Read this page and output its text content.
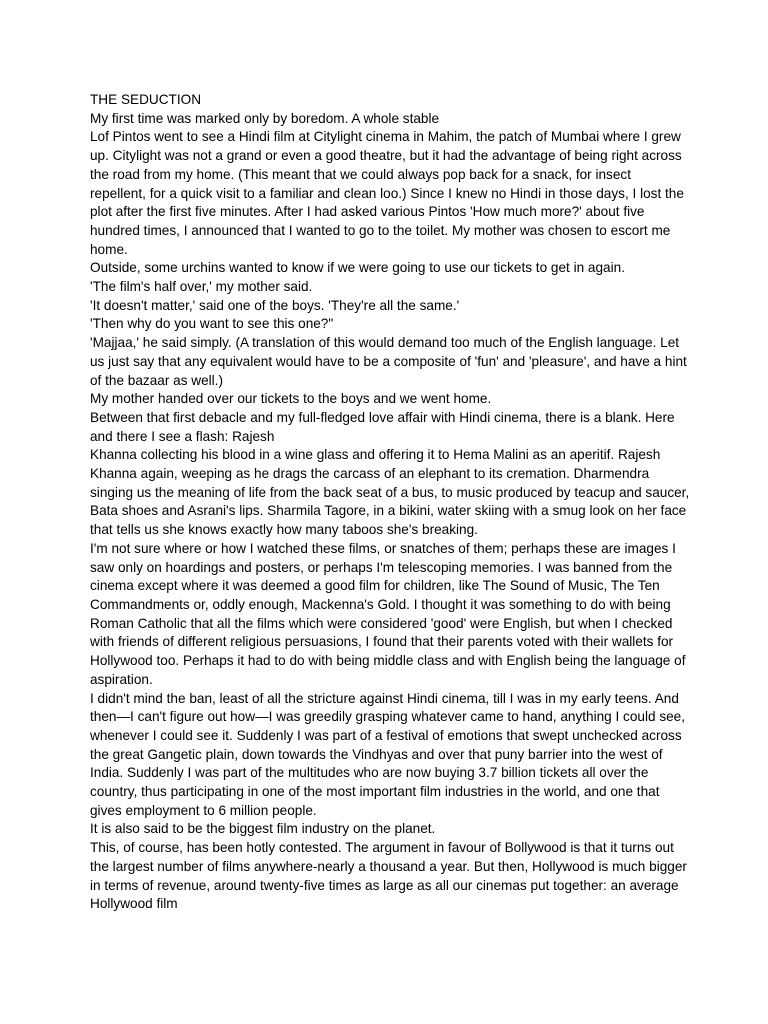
THE SEDUCTION

My first time was marked only by boredom. A whole stable

Lof Pintos went to see a Hindi film at Citylight cinema in Mahim, the patch of Mumbai where I grew up. Citylight was not a grand or even a good theatre, but it had the advantage of being right across the road from my home. (This meant that we could always pop back for a snack, for insect repellent, for a quick visit to a familiar and clean loo.) Since I knew no Hindi in those days, I lost the plot after the first five minutes. After I had asked various Pintos 'How much more?' about five hundred times, I announced that I wanted to go to the toilet. My mother was chosen to escort me home.

Outside, some urchins wanted to know if we were going to use our tickets to get in again.

'The film's half over,' my mother said.

'It doesn't matter,' said one of the boys. 'They're all the same.'

'Then why do you want to see this one?"

'Majjaa,' he said simply. (A translation of this would demand too much of the English language. Let us just say that any equivalent would have to be a composite of 'fun' and 'pleasure', and have a hint of the bazaar as well.)

My mother handed over our tickets to the boys and we went home.

Between that first debacle and my full-fledged love affair with Hindi cinema, there is a blank. Here and there I see a flash: Rajesh

Khanna collecting his blood in a wine glass and offering it to Hema Malini as an aperitif. Rajesh Khanna again, weeping as he drags the carcass of an elephant to its cremation. Dharmendra singing us the meaning of life from the back seat of a bus, to music produced by teacup and saucer, Bata shoes and Asrani's lips. Sharmila Tagore, in a bikini, water skiing with a smug look on her face that tells us she knows exactly how many taboos she's breaking.

I'm not sure where or how I watched these films, or snatches of them; perhaps these are images I saw only on hoardings and posters, or perhaps I'm telescoping memories. I was banned from the cinema except where it was deemed a good film for children, like The Sound of Music, The Ten Commandments or, oddly enough, Mackenna's Gold. I thought it was something to do with being Roman Catholic that all the films which were considered 'good' were English, but when I checked with friends of different religious persuasions, I found that their parents voted with their wallets for Hollywood too. Perhaps it had to do with being middle class and with English being the language of aspiration.

I didn't mind the ban, least of all the stricture against Hindi cinema, till I was in my early teens. And then—I can't figure out how—I was greedily grasping whatever came to hand, anything I could see, whenever I could see it. Suddenly I was part of a festival of emotions that swept unchecked across the great Gangetic plain, down towards the Vindhyas and over that puny barrier into the west of India. Suddenly I was part of the multitudes who are now buying 3.7 billion tickets all over the country, thus participating in one of the most important film industries in the world, and one that gives employment to 6 million people.

It is also said to be the biggest film industry on the planet.

This, of course, has been hotly contested. The argument in favour of Bollywood is that it turns out the largest number of films anywhere-nearly a thousand a year. But then, Hollywood is much bigger in terms of revenue, around twenty-five times as large as all our cinemas put together: an average Hollywood film
